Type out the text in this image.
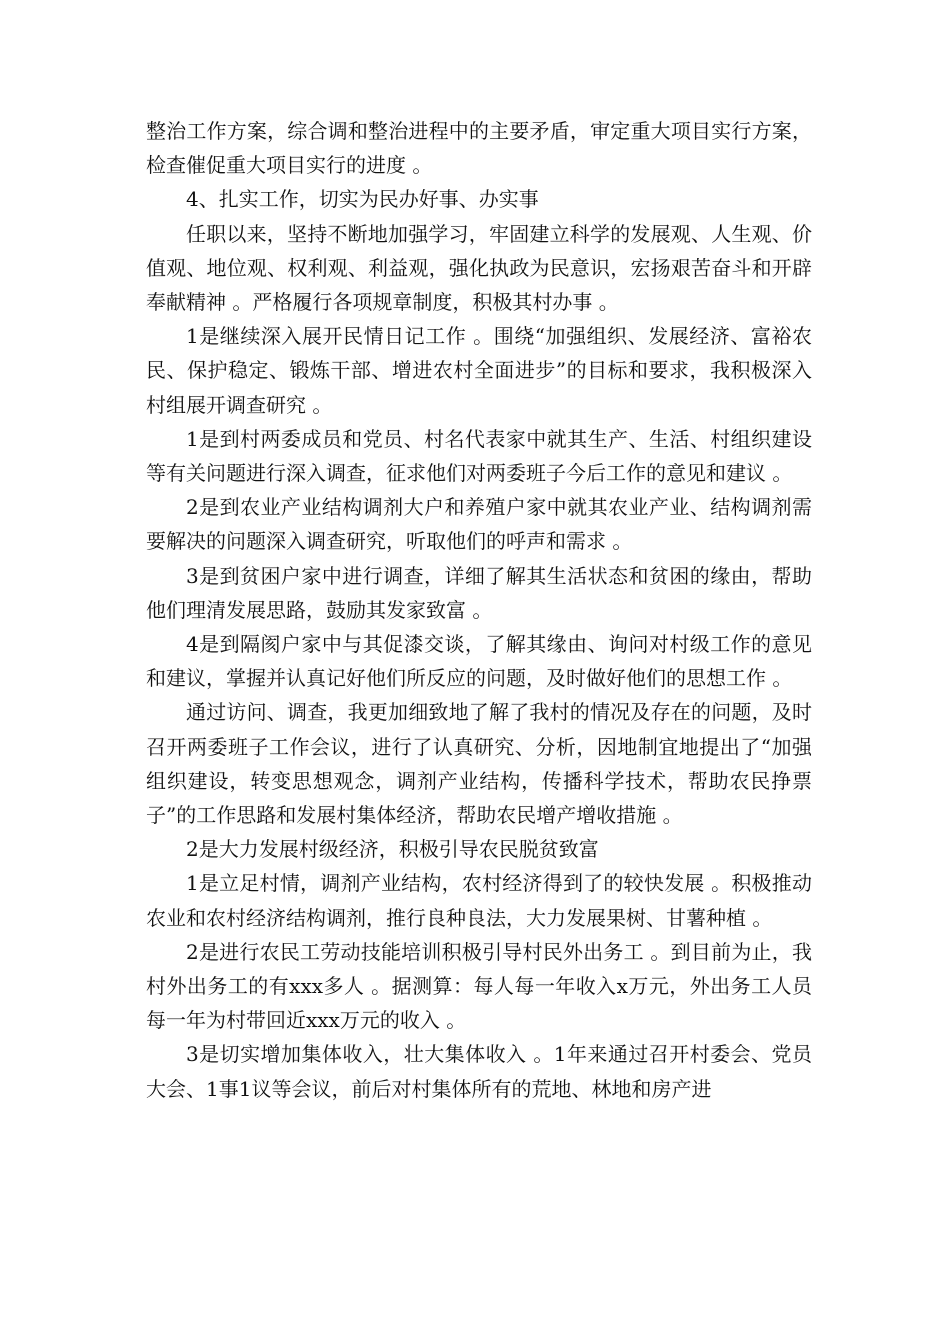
整治工作方案，综合调和整治进程中的主要矛盾，审定重大项目实行方案，检查催促重大项目实行的进度 。

4、扎实工作，切实为民办好事、办实事

任职以来，坚持不断地加强学习，牢固建立科学的发展观、人生观、价值观、地位观、权利观、利益观，强化执政为民意识，宏扬艰苦奋斗和开辟奉献精神 。严格履行各项规章制度，积极其村办事 。

1是继续深入展开民情日记工作 。围绕“加强组织、发展经济、富裕农民、保护稳定、锻炼干部、增进农村全面进步”的目标和要求，我积极深入村组展开调查研究 。

1是到村两委成员和党员、村名代表家中就其生产、生活、村组织建设等有关问题进行深入调查，征求他们对两委班子今后工作的意见和建议 。

2是到农业产业结构调剂大户和养殖户家中就其农业产业、结构调剂需要解决的问题深入调查研究，听取他们的呼声和需求 。

3是到贫困户家中进行调查，详细了解其生活状态和贫困的缘由，帮助他们理清发展思路，鼓励其发家致富 。

4是到隔阂户家中与其促漆交谈，了解其缘由、询问对村级工作的意见和建议，掌握并认真记好他们所反应的问题，及时做好他们的思想工作 。

通过访问、调查，我更加细致地了解了我村的情况及存在的问题，及时召开两委班子工作会议，进行了认真研究、分析，因地制宜地提出了“加强组织建设，转变思想观念，调剂产业结构，传播科学技术，帮助农民挣票子”的工作思路和发展村集体经济，帮助农民增产增收措施 。

2是大力发展村级经济，积极引导农民脱贫致富

1是立足村情，调剂产业结构，农村经济得到了的较快发展 。积极推动农业和农村经济结构调剂，推行良种良法，大力发展果树、甘薯种植 。

2是进行农民工劳动技能培训积极引导村民外出务工 。到目前为止，我村外出务工的有xxx多人 。据测算：每人每一年收入x万元，外出务工人员每一年为村带回近xxx万元的收入 。

3是切实增加集体收入，壮大集体收入 。1年来通过召开村委会、党员大会、1事1议等会议，前后对村集体所有的荒地、林地和房产进
